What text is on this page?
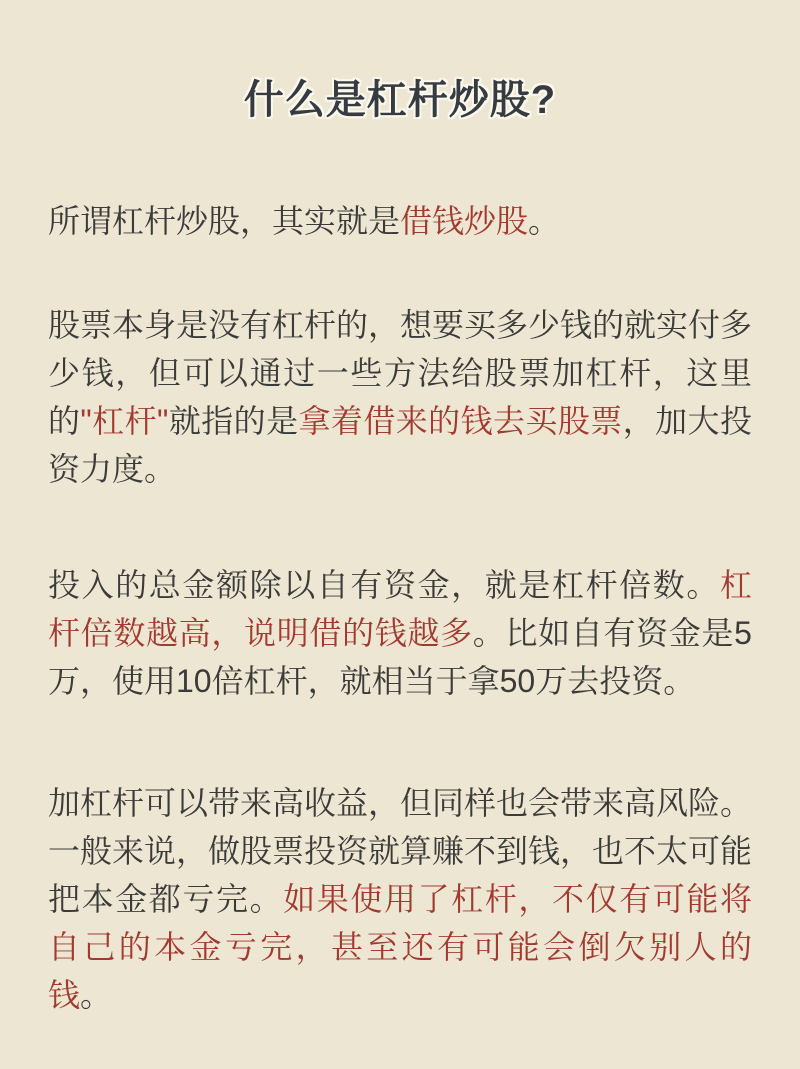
什么是杠杆炒股?

所谓杠杆炒股，其实就是借钱炒股。

股票本身是没有杠杆的，想要买多少钱的就实付多少钱，但可以通过一些方法给股票加杠杆，这里的"杠杆"就指的是拿着借来的钱去买股票，加大投资力度。

投入的总金额除以自有资金，就是杠杆倍数。杠杆倍数越高，说明借的钱越多。比如自有资金是5万，使用10倍杠杆，就相当于拿50万去投资。

加杠杆可以带来高收益，但同样也会带来高风险。一般来说，做股票投资就算赚不到钱，也不太可能把本金都亏完。如果使用了杠杆，不仅有可能将自己的本金亏完，甚至还有可能会倒欠别人的钱。
